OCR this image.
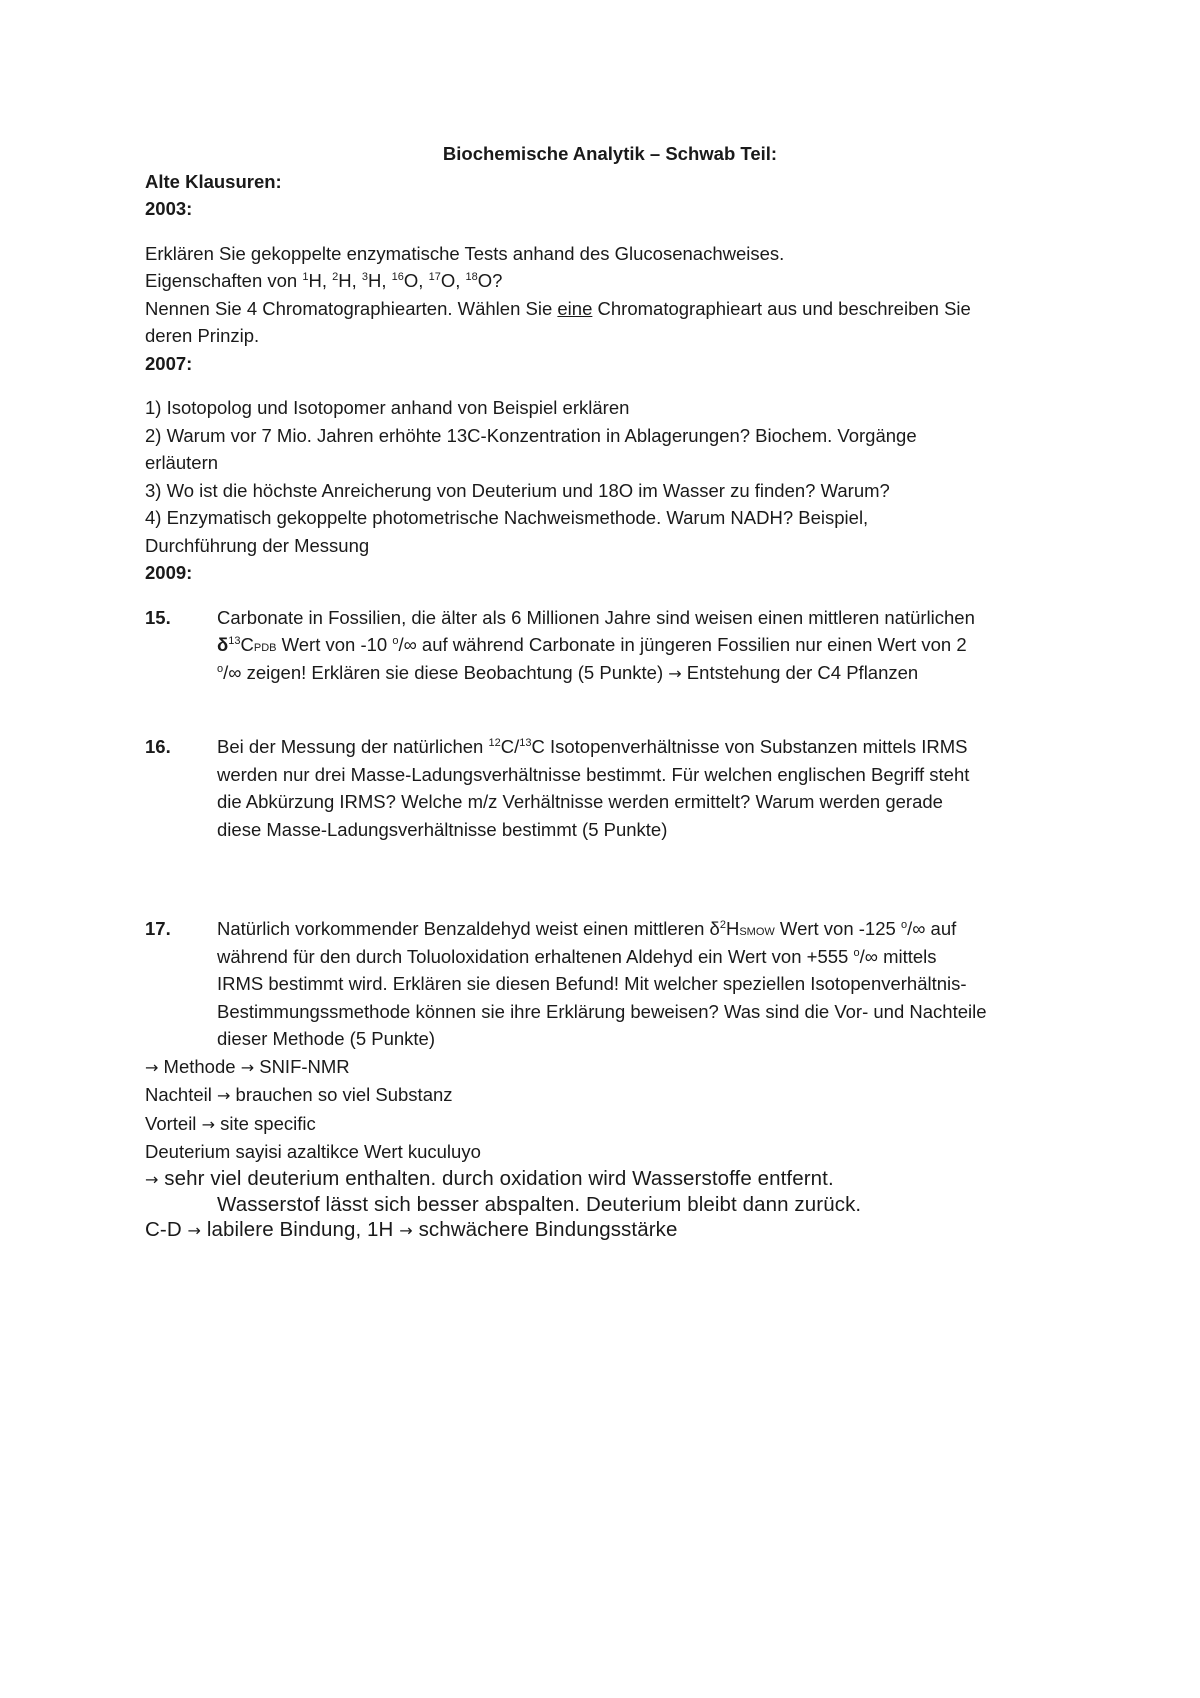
Biochemische Analytik – Schwab Teil:
Alte Klausuren:
2003:
Erklären Sie gekoppelte enzymatische Tests anhand des Glucosenachweises.
Eigenschaften von $^1$H, $^2$H, $^3$H, $^{16}$O, $^{17}$O, $^{18}$O?
Nennen Sie 4 Chromatographiearten. Wählen Sie eine Chromatographieart aus und beschreiben Sie
deren Prinzip.
2007:
1) Isotopolog und Isotopomer anhand von Beispiel erklären
2) Warum vor 7 Mio. Jahren erhöhte 13C-Konzentration in Ablagerungen? Biochem. Vorgänge
erläutern
3) Wo ist die höchste Anreicherung von Deuterium und 18O im Wasser zu finden? Warum?
4) Enzymatisch gekoppelte photometrische Nachweismethode. Warum NADH? Beispiel,
Durchführung der Messung
2009:
15.	Carbonate in Fossilien, die älter als 6 Millionen Jahre sind weisen einen mittleren natürlichen
$\delta^{13}CPDB$ Wert von -10 $^o$/∞ auf während Carbonate in jüngeren Fossilien nur einen Wert von 2
$^o$/∞ zeigen! Erklären sie diese Beobachtung (5 Punkte) → Entstehung der C4 Pflanzen
16.	Bei der Messung der natürlichen $^{12}$C/$^{13}$C Isotopenverhältnisse von Substanzen mittels IRMS
werden nur drei Masse-Ladungsverhältnisse bestimmt. Für welchen englischen Begriff steht
die Abkürzung IRMS? Welche m/z Verhältnisse werden ermittelt? Warum werden gerade
diese Masse-Ladungsverhältnisse bestimmt (5 Punkte)
17.	Natürlich vorkommender Benzaldehyd weist einen mittleren $\delta^2HSMOW$ Wert von -125 $^o$/∞ auf
während für den durch Toluoloxidation erhaltenen Aldehyd ein Wert von +555 $^o$/∞ mittels
IRMS bestimmt wird. Erklären sie diesen Befund! Mit welcher speziellen Isotopenverhältnis-
Bestimmungssmethode können sie ihre Erklärung beweisen? Was sind die Vor- und Nachteile
dieser Methode (5 Punkte)
→ Methode → SNIF-NMR
Nachteil → brauchen so viel Substanz
Vorteil → site specific
Deuterium sayisi azaltikce Wert kuculuyo
→ sehr viel deuterium enthalten. durch oxidation wird Wasserstoffe entfernt.
Wasserstof lässt sich besser abspalten. Deuterium bleibt dann zurück.
C-D → labilere Bindung, 1H → schwächere Bindungsstärke
